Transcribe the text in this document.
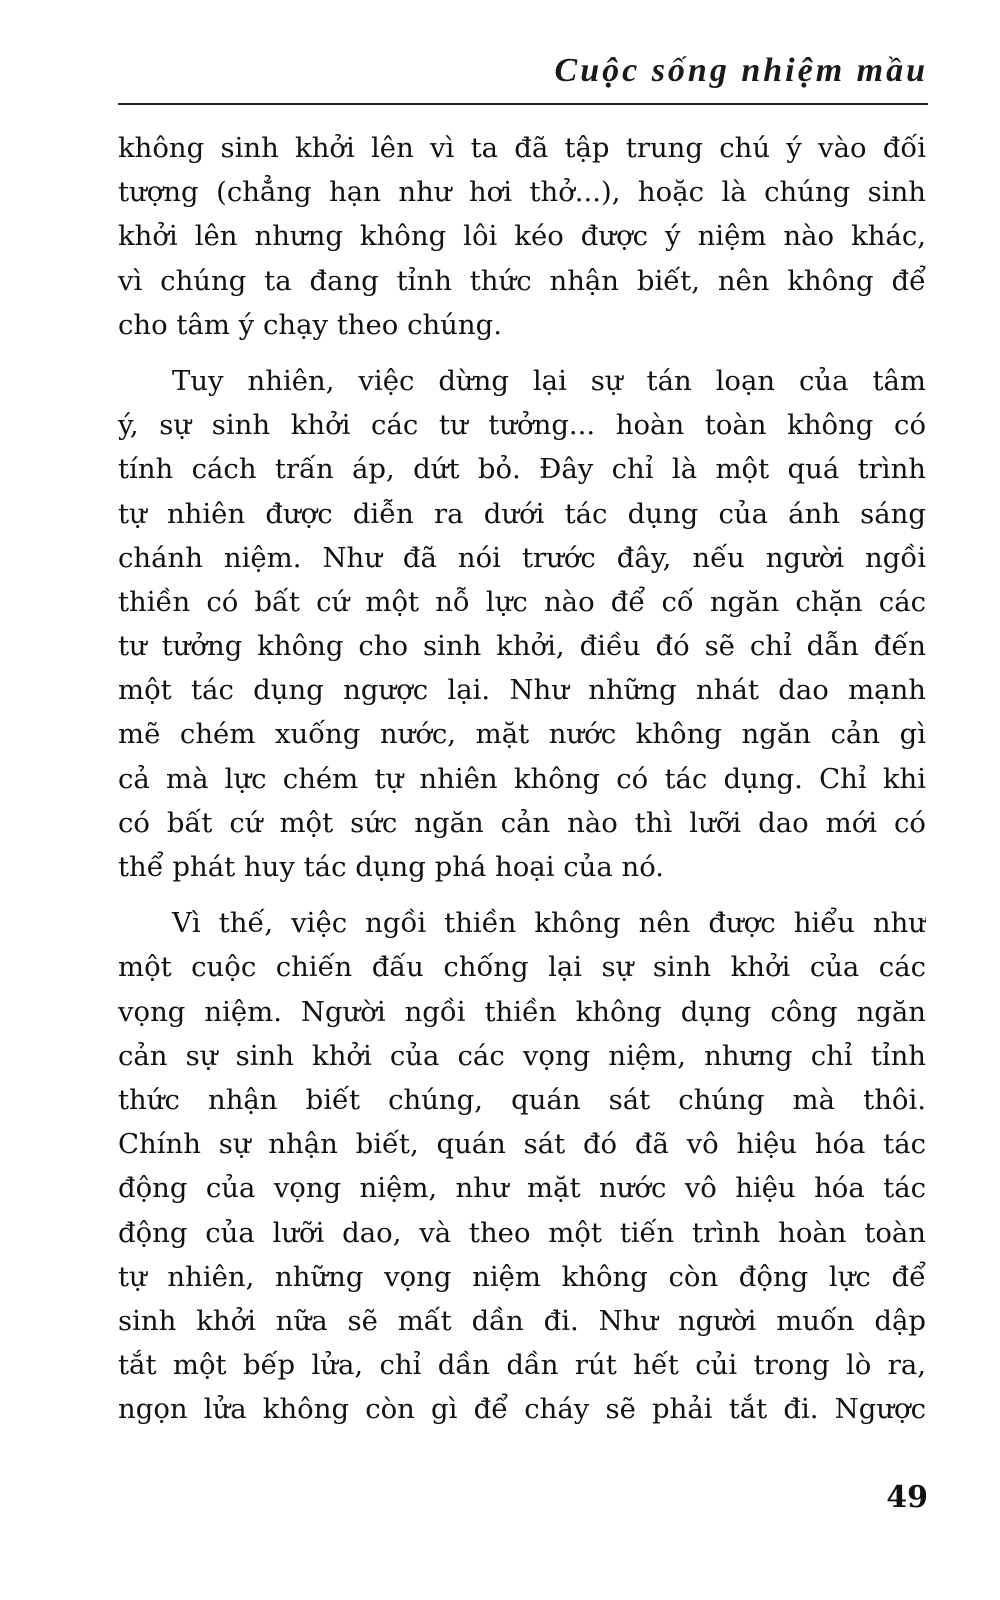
Cuộc sống nhiệm mầu
không sinh khởi lên vì ta đã tập trung chú ý vào đối
tượng (chẳng hạn như hơi thở...), hoặc là chúng sinh
khởi lên nhưng không lôi kéo được ý niệm nào khác,
vì chúng ta đang tỉnh thức nhận biết, nên không để
cho tâm ý chạy theo chúng.
Tuy nhiên, việc dừng lại sự tán loạn của tâm
ý, sự sinh khởi các tư tưởng... hoàn toàn không có
tính cách trấn áp, dứt bỏ. Đây chỉ là một quá trình
tự nhiên được diễn ra dưới tác dụng của ánh sáng
chánh niệm. Như đã nói trước đây, nếu người ngồi
thiền có bất cứ một nỗ lực nào để cố ngăn chặn các
tư tưởng không cho sinh khởi, điều đó sẽ chỉ dẫn đến
một tác dụng ngược lại. Như những nhát dao mạnh
mẽ chém xuống nước, mặt nước không ngăn cản gì
cả mà lực chém tự nhiên không có tác dụng. Chỉ khi
có bất cứ một sức ngăn cản nào thì lưỡi dao mới có
thể phát huy tác dụng phá hoại của nó.
Vì thế, việc ngồi thiền không nên được hiểu như
một cuộc chiến đấu chống lại sự sinh khởi của các
vọng niệm. Người ngồi thiền không dụng công ngăn
cản sự sinh khởi của các vọng niệm, nhưng chỉ tỉnh
thức nhận biết chúng, quán sát chúng mà thôi.
Chính sự nhận biết, quán sát đó đã vô hiệu hóa tác
động của vọng niệm, như mặt nước vô hiệu hóa tác
động của lưỡi dao, và theo một tiến trình hoàn toàn
tự nhiên, những vọng niệm không còn động lực để
sinh khởi nữa sẽ mất dần đi. Như người muốn dập
tắt một bếp lửa, chỉ dần dần rút hết củi trong lò ra,
ngọn lửa không còn gì để cháy sẽ phải tắt đi. Ngược
49
